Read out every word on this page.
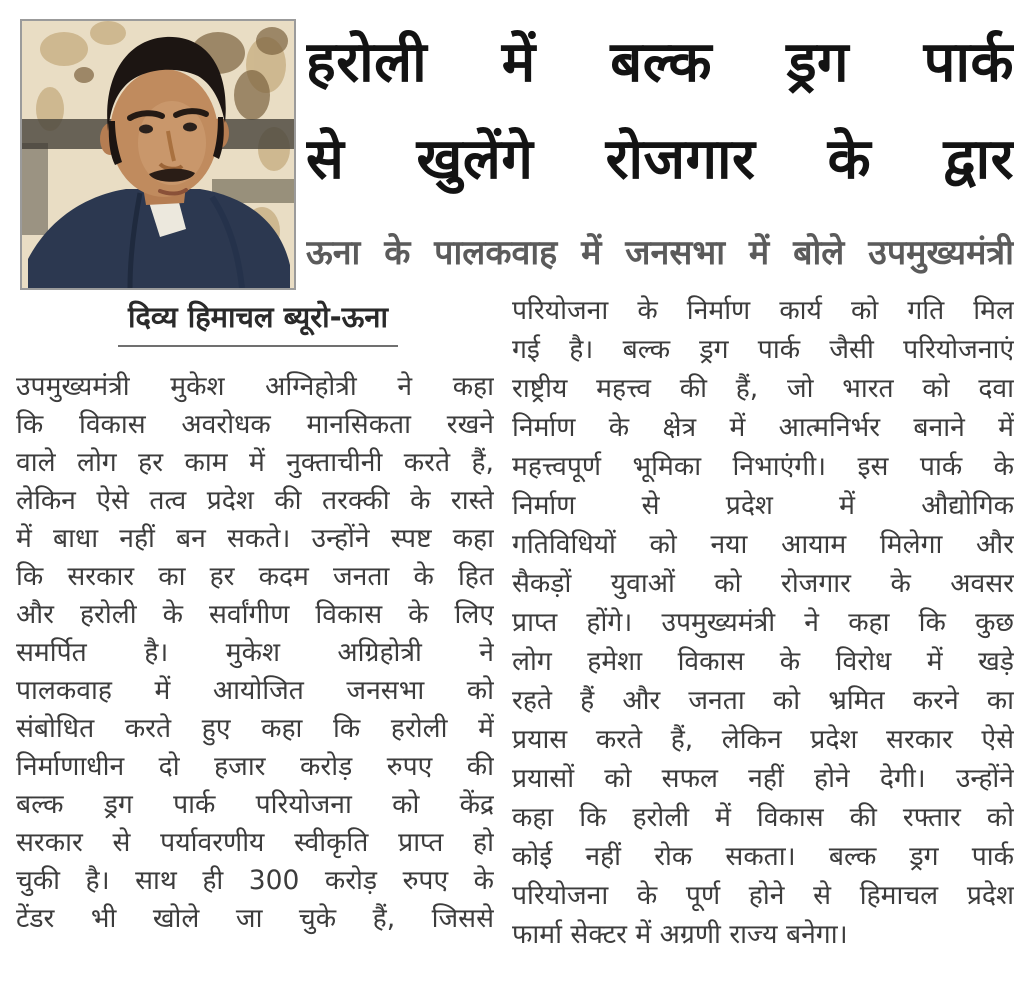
हरोली में बल्क ड्रग पार्क
से खुलेंगे रोजगार के द्वार
ऊना के पालकवाह में जनसभा में बोले उपमुख्यमंत्री
दिव्य हिमाचल ब्यूरो-ऊना
उपमुख्यमंत्री मुकेश अग्निहोत्री ने कहा
कि विकास अवरोधक मानसिकता रखने
वाले लोग हर काम में नुक्ताचीनी करते हैं,
लेकिन ऐसे तत्व प्रदेश की तरक्की के रास्ते
में बाधा नहीं बन सकते। उन्होंने स्पष्ट कहा
कि सरकार का हर कदम जनता के हित
और हरोली के सर्वांगीण विकास के लिए
समर्पित है। मुकेश अग्रिहोत्री ने
पालकवाह में आयोजित जनसभा को
संबोधित करते हुए कहा कि हरोली में
निर्माणाधीन दो हजार करोड़ रुपए की
बल्क ड्रग पार्क परियोजना को केंद्र
सरकार से पर्यावरणीय स्वीकृति प्राप्त हो
चुकी है। साथ ही 300 करोड़ रुपए के
टेंडर भी खोले जा चुके हैं, जिससे
परियोजना के निर्माण कार्य को गति मिल
गई है। बल्क ड्रग पार्क जैसी परियोजनाएं
राष्ट्रीय महत्त्व की हैं, जो भारत को दवा
निर्माण के क्षेत्र में आत्मनिर्भर बनाने में
महत्त्वपूर्ण भूमिका निभाएंगी। इस पार्क के
निर्माण से प्रदेश में औद्योगिक
गतिविधियों को नया आयाम मिलेगा और
सैकड़ों युवाओं को रोजगार के अवसर
प्राप्त होंगे। उपमुख्यमंत्री ने कहा कि कुछ
लोग हमेशा विकास के विरोध में खड़े
रहते हैं और जनता को भ्रमित करने का
प्रयास करते हैं, लेकिन प्रदेश सरकार ऐसे
प्रयासों को सफल नहीं होने देगी। उन्होंने
कहा कि हरोली में विकास की रफ्तार को
कोई नहीं रोक सकता। बल्क ड्रग पार्क
परियोजना के पूर्ण होने से हिमाचल प्रदेश
फार्मा सेक्टर में अग्रणी राज्य बनेगा।
